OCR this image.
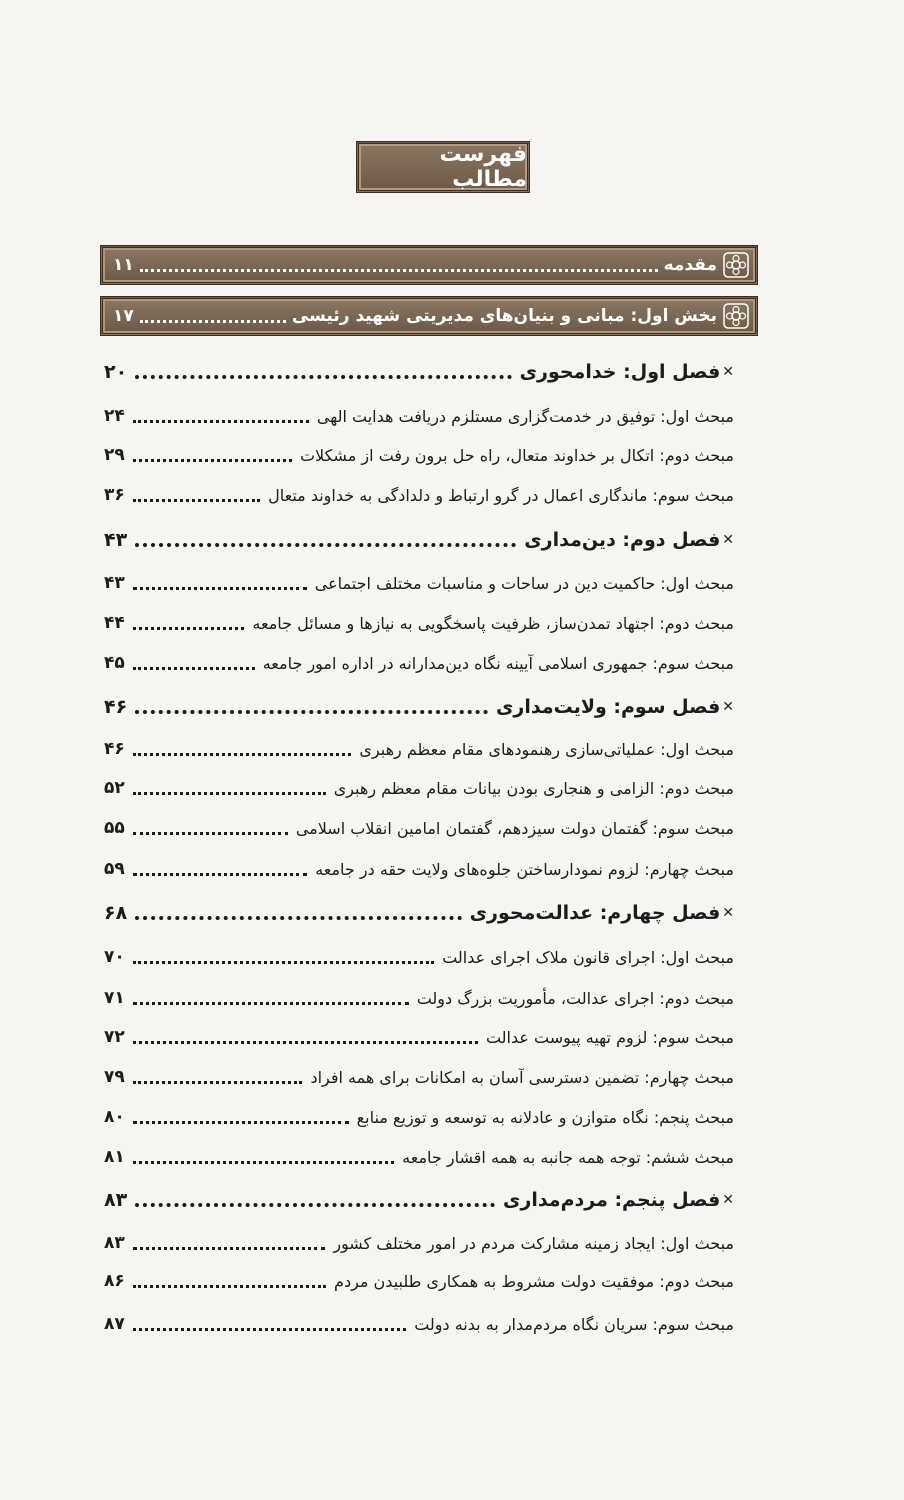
فهرست مطالب
مقدمه
۱۱
بخش اول: مبانی و بنیان‌های مدیریتی شهید رئیسی
۱۷
✕
فصل اول: خدامحوری
۲۰
مبحث اول: توفیق در خدمت‌گزاری مستلزم دریافت هدایت الهی
۲۴
مبحث دوم: اتکال بر خداوند متعال، راه حل برون رفت از مشکلات
۲۹
مبحث سوم: ماندگاری اعمال در گرو ارتباط و دلدادگی به خداوند متعال
۳۶
✕
فصل دوم: دین‌مداری
۴۳
مبحث اول: حاکمیت دین در ساحات و مناسبات مختلف اجتماعی
۴۳
مبحث دوم: اجتهاد تمدن‌ساز، ظرفیت پاسخگویی به نیازها و مسائل جامعه
۴۴
مبحث سوم: جمهوری اسلامی آیینه نگاه دین‌مدارانه در اداره امور جامعه
۴۵
✕
فصل سوم: ولایت‌مداری
۴۶
مبحث اول: عملیاتی‌سازی رهنمودهای مقام معظم رهبری
۴۶
مبحث دوم: الزامی و هنجاری بودن بیانات مقام معظم رهبری
۵۲
مبحث سوم: گفتمان دولت سیزدهم، گفتمان امامین انقلاب اسلامی
۵۵
مبحث چهارم: لزوم نمودارساختن جلوه‌های ولایت حقه در جامعه
۵۹
✕
فصل چهارم: عدالت‌محوری
۶۸
مبحث اول: اجرای قانون ملاک اجرای عدالت
۷۰
مبحث دوم: اجرای عدالت، مأموریت بزرگ دولت
۷۱
مبحث سوم: لزوم تهیه پیوست عدالت
۷۲
مبحث چهارم: تضمین دسترسی آسان به امکانات برای همه افراد
۷۹
مبحث پنجم: نگاه متوازن و عادلانه به توسعه و توزیع منابع
۸۰
مبحث ششم: توجه همه جانبه به همه اقشار جامعه
۸۱
✕
فصل پنجم: مردم‌مداری
۸۳
مبحث اول: ایجاد زمینه مشارکت مردم در امور مختلف کشور
۸۳
مبحث دوم: موفقیت دولت مشروط به همکاری طلبیدن مردم
۸۶
مبحث سوم: سریان نگاه مردم‌مدار به بدنه دولت
۸۷
